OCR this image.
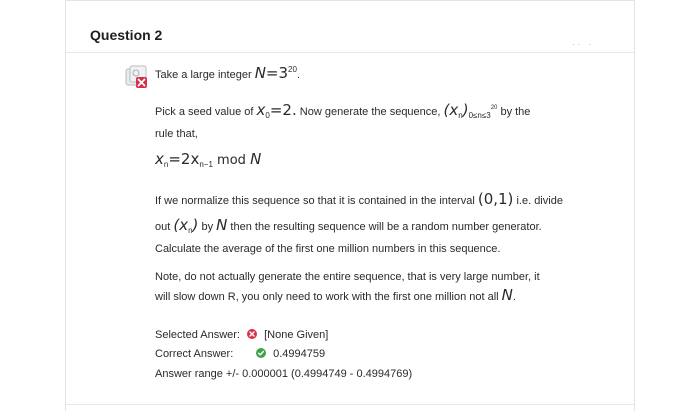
Question 2
·· ·
Take a large integer $N=3^{20}$.
Pick a seed value of $x_0=2$. Now generate the sequence, $(x_n)_{0\le n\le 3}^{20}$ by the
rule that,
$x_n=2x_{n-1}$ mod N
If we normalize this sequence so that it is contained in the interval (0,1) i.e. divide
out $(x_n)$ by N then the resulting sequence will be a random number generator.
Calculate the average of the first one million numbers in this sequence.
Note, do not actually generate the entire sequence, that is very large number, it
will slow down R, you only need to work with the first one million not all N.
Selected Answer: [None Given]
Correct Answer:	0.4994759
Answer range +/- 0.000001 (0.4994749 - 0.4994769)
